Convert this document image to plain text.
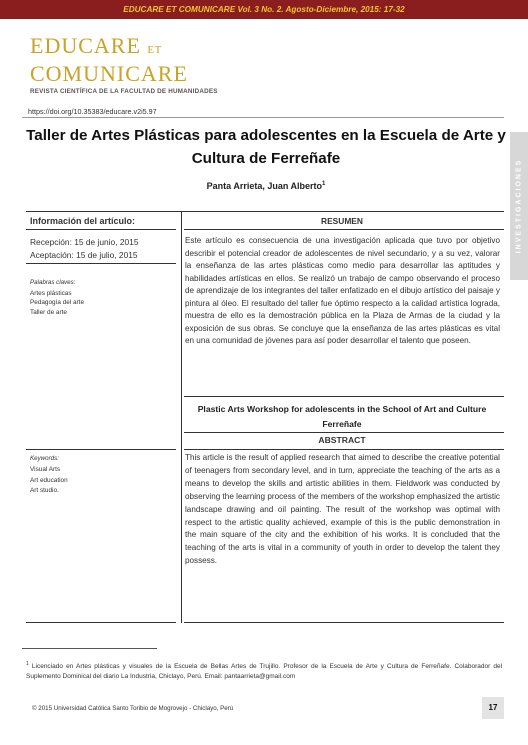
EDUCARE ET COMUNICARE Vol. 3 No. 2. Agosto-Diciembre, 2015: 17-32
EDUCARE ET
COMUNICARE
REVISTA CIENTÍFICA DE LA FACULTAD DE HUMANIDADES
https://doi.org/10.35383/educare.v2i5.97
INVESTIGACIONES
Taller de Artes Plásticas para adolescentes en la Escuela de Arte y Cultura de Ferreñafe
Panta Arrieta, Juan Alberto$^1$
Información del artículo:	RESUMEN
Recepción: 15 de junio, 2015
Aceptación: 15 de julio, 2015
Palabras claves:
Artes plásticas
Pedagogía del arte
Taller de arte

Este artículo es consecuencia de una investigación aplicada que tuvo por objetivo describir el potencial creador de adolescentes de nivel secundario, y a su vez, valorar la enseñanza de las artes plásticas como medio para desarrollar las aptitudes y habilidades artísticas en ellos. Se realizó un trabajo de campo observando el proceso de aprendizaje de los integrantes del taller enfatizado en el dibujo artístico del paisaje y pintura al óleo. El resultado del taller fue óptimo respecto a la calidad artística lograda, muestra de ello es la demostración pública en la Plaza de Armas de la ciudad y la exposición de sus obras. Se concluye que la enseñanza de las artes plásticas es vital en una comunidad de jóvenes para así poder desarrollar el talento que poseen.

Plastic Arts Workshop for adolescents in the School of Art and Culture Ferreñafe
ABSTRACT
Keywords:
Visual Arts
Art education
Art studio.

This article is the result of applied research that aimed to describe the creative potential of teenagers from secondary level, and in turn, appreciate the teaching of the arts as a means to develop the skills and artistic abilities in them. Fieldwork was conducted by observing the learning process of the members of the workshop emphasized the artistic landscape drawing and oil painting. The result of the workshop was optimal with respect to the artistic quality achieved, example of this is the public demonstration in the main square of the city and the exhibition of his works. It is concluded that the teaching of the arts is vital in a community of youth in order to develop the talent they possess.

$^1$ Licenciado en Artes plásticas y visuales de la Escuela de Bellas Artes de Trujillo. Profesor de la Escuela de Arte y Cultura de Ferreñafe. Colaborador del Suplemento Dominical del diario La Industria, Chiclayo, Perú. Email: pantaarrieta@gmail.com

© 2015 Universidad Católica Santo Toribio de Mogrovejo - Chiclayo, Perú	17
